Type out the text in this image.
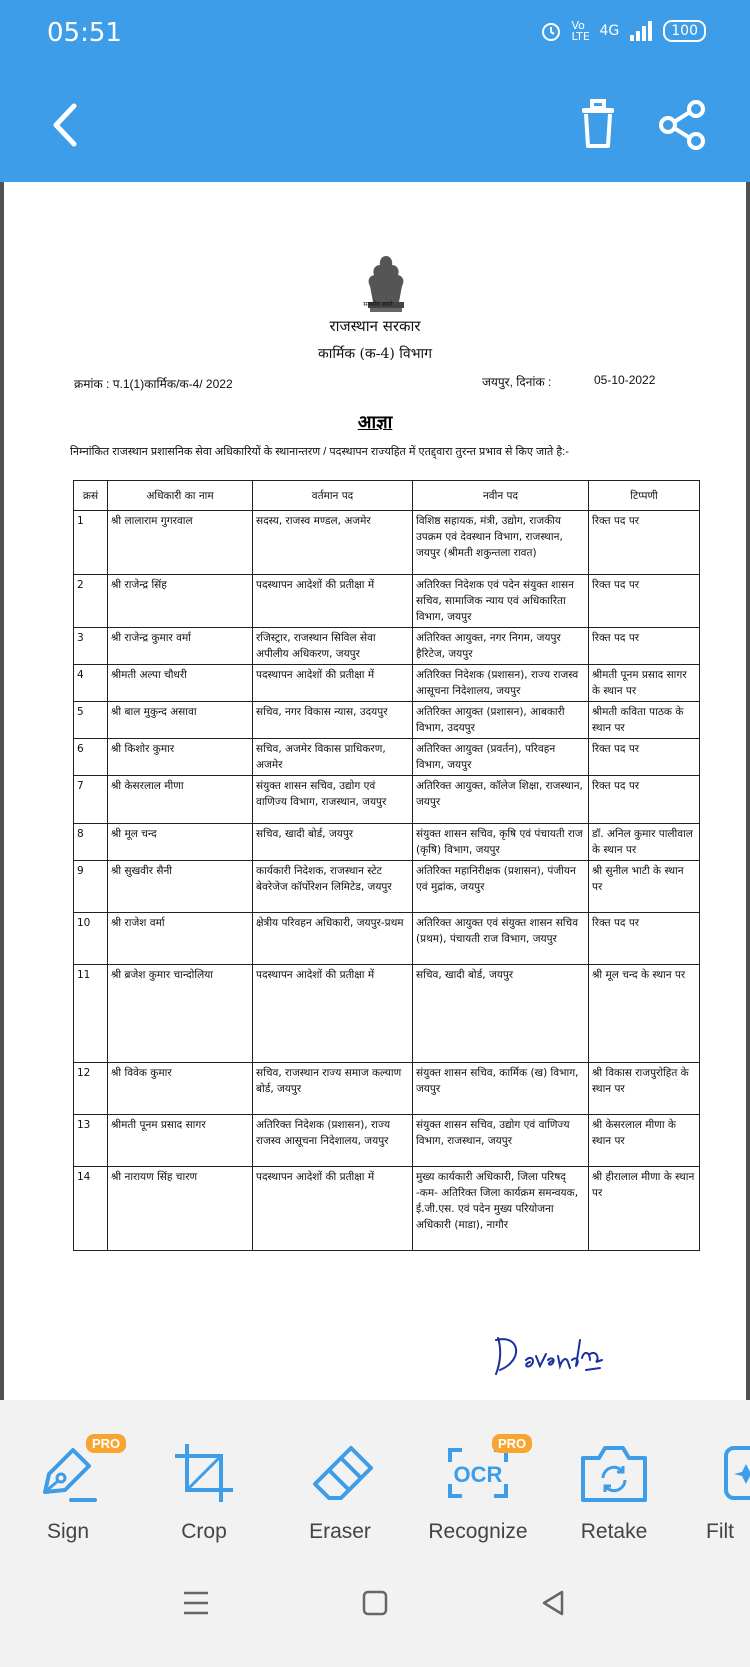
05:51	Vo LTE 4G	100
सत्यमेव जयते
राजस्थान सरकार
कार्मिक (क-4) विभाग
क्रमांक : प.1(1)कार्मिक/क-4/ 2022	जयपुर, दिनांक :	05-10-2022
आज्ञा
निम्नांकित राजस्थान प्रशासनिक सेवा अधिकारियों के स्थानान्तरण / पदस्थापन राज्यहित में एतद्द्वारा तुरन्त प्रभाव से किए जाते है:-
क्रसं	अधिकारी का नाम	वर्तमान पद	नवीन पद	टिप्पणी
1	श्री लालाराम गुगरवाल	सदस्य, राजस्व मण्डल, अजमेर	विशिष्ठ सहायक, मंत्री, उद्योग, राजकीय उपक्रम एवं देवस्थान विभाग, राजस्थान, जयपुर (श्रीमती शकुन्तला रावत)	रिक्त पद पर
2	श्री राजेन्द्र सिंह	पदस्थापन आदेशों की प्रतीक्षा में	अतिरिक्त निदेशक एवं पदेन संयुक्त शासन सचिव, सामाजिक न्याय एवं अधिकारिता विभाग, जयपुर	रिक्त पद पर
3	श्री राजेन्द्र कुमार वर्मा	रजिस्ट्रार, राजस्थान सिविल सेवा अपीलीय अधिकरण, जयपुर	अतिरिक्त आयुक्त, नगर निगम, जयपुर हैरिटेज, जयपुर	रिक्त पद पर
4	श्रीमती अल्पा चौधरी	पदस्थापन आदेशों की प्रतीक्षा में	अतिरिक्त निदेशक (प्रशासन), राज्य राजस्व आसूचना निदेशालय, जयपुर	श्रीमती पूनम प्रसाद सागर के स्थान पर
5	श्री बाल मुकुन्द असावा	सचिव, नगर विकास न्यास, उदयपुर	अतिरिक्त आयुक्त (प्रशासन), आबकारी विभाग, उदयपुर	श्रीमती कविता पाठक के स्थान पर
6	श्री किशोर कुमार	सचिव, अजमेर विकास प्राधिकरण, अजमेर	अतिरिक्त आयुक्त (प्रवर्तन), परिवहन विभाग, जयपुर	रिक्त पद पर
7	श्री केसरलाल मीणा	संयुक्त शासन सचिव, उद्योग एवं वाणिज्य विभाग, राजस्थान, जयपुर	अतिरिक्त आयुक्त, कॉलेज शिक्षा, राजस्थान, जयपुर	रिक्त पद पर
8	श्री मूल चन्द	सचिव, खादी बोर्ड, जयपुर	संयुक्त शासन सचिव, कृषि एवं पंचायती राज (कृषि) विभाग, जयपुर	डॉ. अनिल कुमार पालीवाल के स्थान पर
9	श्री सुखवीर सैनी	कार्यकारी निदेशक, राजस्थान स्टेट बेवरेजेज कॉर्पोरेशन लिमिटेड, जयपुर	अतिरिक्त महानिरीक्षक (प्रशासन), पंजीयन एवं मुद्रांक, जयपुर	श्री सुनील भाटी के स्थान पर
10	श्री राजेश वर्मा	क्षेत्रीय परिवहन अधिकारी, जयपुर-प्रथम	अतिरिक्त आयुक्त एवं संयुक्त शासन सचिव (प्रथम), पंचायती राज विभाग, जयपुर	रिक्त पद पर
11	श्री ब्रजेश कुमार चान्दोलिया	पदस्थापन आदेशों की प्रतीक्षा में	सचिव, खादी बोर्ड, जयपुर	श्री मूल चन्द के स्थान पर
12	श्री विवेक कुमार	सचिव, राजस्थान राज्य समाज कल्याण बोर्ड, जयपुर	संयुक्त शासन सचिव, कार्मिक (ख) विभाग, जयपुर	श्री विकास राजपुरोहित के स्थान पर
13	श्रीमती पूनम प्रसाद सागर	अतिरिक्त निदेशक (प्रशासन), राज्य राजस्व आसूचना निदेशालय, जयपुर	संयुक्त शासन सचिव, उद्योग एवं वाणिज्य विभाग, राजस्थान, जयपुर	श्री केसरलाल मीणा के स्थान पर
14	श्री नारायण सिंह चारण	पदस्थापन आदेशों की प्रतीक्षा में	मुख्य कार्यकारी अधिकारी, जिला परिषद् -कम- अतिरिक्त जिला कार्यक्रम समन्वयक, ई.जी.एस. एवं पदेन मुख्य परियोजना अधिकारी (माडा), नागौर	श्री हीरालाल मीणा के स्थान पर
Sign
PRO
Crop	Eraser
OCR
Recognize
PRO
Retake	Filt
